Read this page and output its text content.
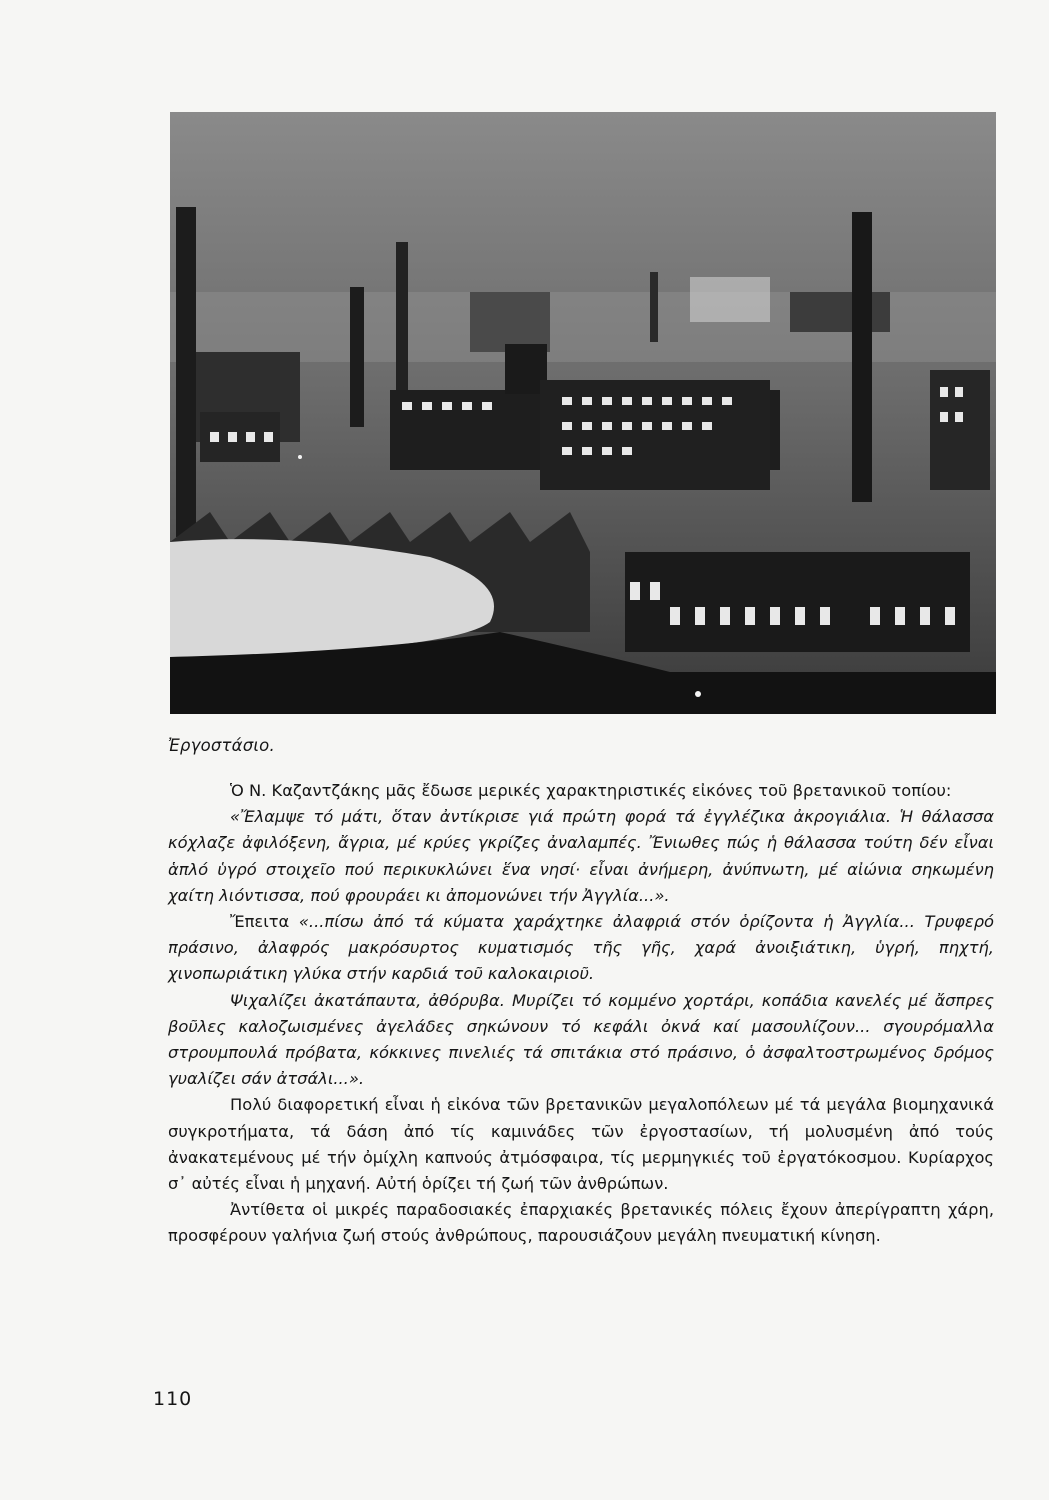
Ἐργοστάσιο.

Ὁ Ν. Καζαντζάκης μᾶς ἔδωσε μερικές χαρακτηριστικές εἰκόνες τοῦ βρετανικοῦ τοπίου:

«Ἔλαμψε τό μάτι, ὅταν ἀντίκρισε γιά πρώτη φορά τά ἐγγλέζικα ἀκρογιάλια. Ἡ θάλασσα κόχλαζε ἀφιλόξενη, ἄγρια, μέ κρύες γκρίζες ἀναλαμπές. Ἔνιωθες πώς ἡ θάλασσα τούτη δέν εἶναι ἁπλό ὑγρό στοιχεῖο πού περικυκλώνει ἕνα νησί· εἶναι ἀνήμερη, ἀνύπνωτη, μέ αἰώνια σηκωμένη χαίτη λιόντισσα, πού φρουράει κι ἀπομονώνει τήν Ἀγγλία...».

Ἔπειτα «...πίσω ἀπό τά κύματα χαράχτηκε ἀλαφριά στόν ὁρίζοντα ἡ Ἀγγλία... Τρυφερό πράσινο, ἀλαφρός μακρόσυρτος κυματισμός τῆς γῆς, χαρά ἀνοιξιάτικη, ὑγρή, πηχτή, χινοπωριάτικη γλύκα στήν καρδιά τοῦ καλοκαιριοῦ.

Ψιχαλίζει ἀκατάπαυτα, ἀθόρυβα. Μυρίζει τό κομμένο χορτάρι, κοπάδια κανελές μέ ἄσπρες βοῦλες καλοζωισμένες ἀγελάδες σηκώνουν τό κεφάλι ὀκνά καί μασουλίζουν... σγουρόμαλλα στρουμπουλά πρόβατα, κόκκινες πινελιές τά σπιτάκια στό πράσινο, ὁ ἀσφαλτοστρωμένος δρόμος γυαλίζει σάν ἀτσάλι...».

Πολύ διαφορετική εἶναι ἡ εἰκόνα τῶν βρετανικῶν μεγαλοπόλεων μέ τά μεγάλα βιομηχανικά συγκροτήματα, τά δάση ἀπό τίς καμινάδες τῶν ἐργοστασίων, τή μολυσμένη ἀπό τούς ἀνακατεμένους μέ τήν ὀμίχλη καπνούς ἀτμόσφαιρα, τίς μερμηγκιές τοῦ ἐργατόκοσμου. Κυρίαρχος σ᾽ αὐτές εἶναι ἡ μηχανή. Αὐτή ὁρίζει τή ζωή τῶν ἀνθρώπων.

Ἀντίθετα οἱ μικρές παραδοσιακές ἐπαρχιακές βρετανικές πόλεις ἔχουν ἀπερίγραπτη χάρη, προσφέρουν γαλήνια ζωή στούς ἀνθρώπους, παρουσιάζουν μεγάλη πνευματική κίνηση.

110
